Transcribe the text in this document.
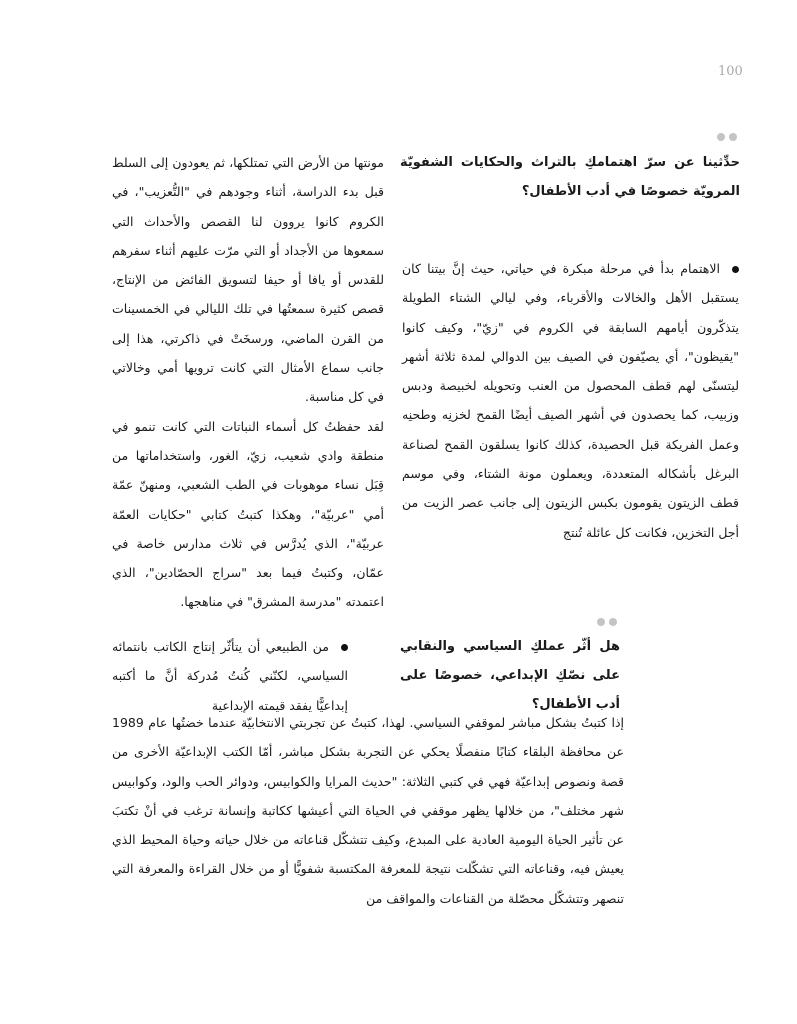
100
حدِّثينا عن سرّ اهتمامكِ بالتراث والحكايات الشفويّة المرويّة خصوصًا في أدب الأطفال؟

الاهتمام بدأ في مرحلة مبكرة في حياتي، حيث إنَّ بيتنا كان يستقبل الأهل والخالات والأقرباء، وفي ليالي الشتاء الطويلة يتذكّرون أيامهم السابقة في الكروم في "زيّ"، وكيف كانوا "يقيظون"، أي يصيّفون في الصيف بين الدوالي لمدة ثلاثة أشهر ليتسنّى لهم قطف المحصول من العنب وتحويله لخبيصة ودبس وزبيب، كما يحصدون في أشهر الصيف أيضًا القمح لخزنِه وطحنِه وعمل الفريكة قبل الحصيدة، كذلك كانوا يسلقون القمح لصناعة البرغل بأشكاله المتعددة، ويعملون مونة الشتاء، وفي موسم قطف الزيتون يقومون بكبس الزيتون إلى جانب عصر الزيت من أجل التخزين، فكانت كل عائلة تُنتج

مونتها من الأرض التي تمتلكها، ثم يعودون إلى السلط قبل بدء الدراسة، أثناء وجودهم في "التُّعزيب"، في الكروم كانوا يروون لنا القصص والأحداث التي سمعوها من الأجداد أو التي مرّت عليهم أثناء سفرهم للقدس أو يافا أو حيفا لتسويق الفائض من الإنتاج، قصص كثيرة سمعتُها في تلك الليالي في الخمسينات من القرن الماضي، ورسخَتْ في ذاكرتي، هذا إلى جانب سماع الأمثال التي كانت ترويها أمي وخالاتي في كل مناسبة.

لقد حفظتُ كل أسماء النباتات التي كانت تنمو في منطقة وادي شعيب، زيّ، الغور، واستخداماتها من قِبَل نساء موهوبات في الطب الشعبي، ومنهنّ عمّة أمي "عربيّة"، وهكذا كتبتُ كتابي "حكايات العمّة عربيّة"، الذي يُدرَّس في ثلاث مدارس خاصة في عمّان، وكتبتُ فيما بعد "سراج الحصّادين"، الذي اعتمدته "مدرسة المشرق" في مناهجها.

هل أثّر عملكِ السياسي والنقابي على نصّكِ الإبداعي، خصوصًا على أدب الأطفال؟

من الطبيعي أن يتأثّر إنتاج الكاتب بانتمائه السياسي، لكنّني كُنتُ مُدركة أنَّ ما أكتبه إبداعيًّا يفقد قيمته الإبداعية

إذا كتبتُ بشكل مباشر لموقفي السياسي. لهذا، كتبتُ عن تجربتي الانتخابيّة عندما خضتُها عام 1989 عن محافظة البلقاء كتابًا منفصلًا يحكي عن التجربة بشكل مباشر، أمّا الكتب الإبداعيّة الأخرى من قصة ونصوص إبداعيّة فهي في كتبي الثلاثة: "حديث المرايا والكوابيس، ودوائر الحب والود، وكوابيس شهر مختلف"، من خلالها يظهر موقفي في الحياة التي أعيشها ككاتبة وإنسانة ترغب في أنْ تكتبَ عن تأثير الحياة اليومية العادية على المبدع، وكيف تتشكّل قناعاته من خلال حياته وحياة المحيط الذي يعيش فيه، وقناعاته التي تشكّلت نتيجة للمعرفة المكتسبة شفويًّا أو من خلال القراءة والمعرفة التي تنصهر وتتشكّل محصّلة من القناعات والمواقف من
